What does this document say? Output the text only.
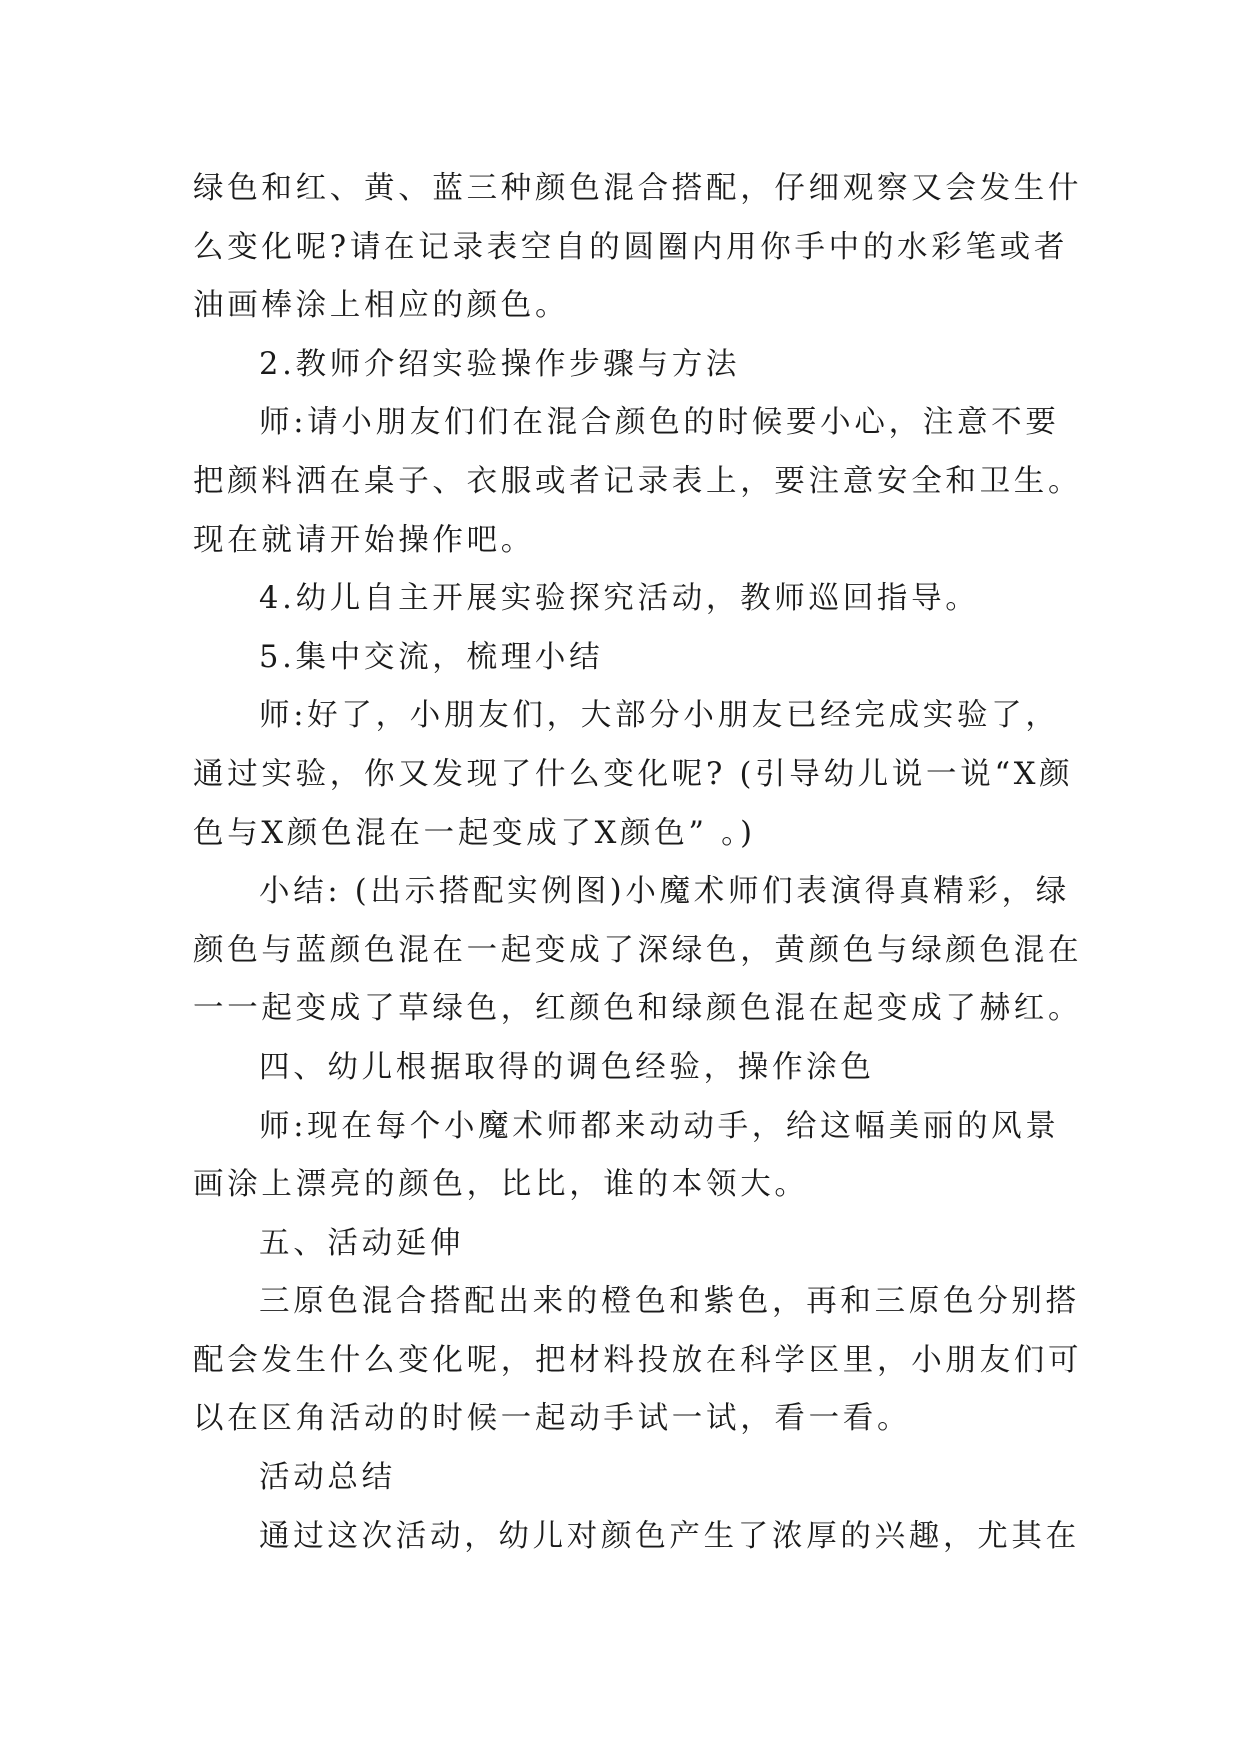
绿色和红、黄、蓝三种颜色混合搭配，仔细观察又会发生什

么变化呢?请在记录表空自的圆圈内用你手中的水彩笔或者

油画棒涂上相应的颜色。

2.教师介绍实验操作步骤与方法

师:请小朋友们们在混合颜色的时候要小心，注意不要

把颜料洒在桌子、衣服或者记录表上，要注意安全和卫生。

现在就请开始操作吧。

4.幼儿自主开展实验探究活动，教师巡回指导。

5.集中交流，梳理小结

师:好了，小朋友们，大部分小朋友已经完成实验了，

通过实验，你又发现了什么变化呢? (引导幼儿说一说“X颜

色与X颜色混在一起变成了X颜色” 。)

小结: (出示搭配实例图)小魔术师们表演得真精彩，绿

颜色与蓝颜色混在一起变成了深绿色，黄颜色与绿颜色混在

一一起变成了草绿色，红颜色和绿颜色混在起变成了赫红。

四、幼儿根据取得的调色经验，操作涂色

师:现在每个小魔术师都来动动手，给这幅美丽的风景

画涂上漂亮的颜色，比比，谁的本领大。

五、活动延伸

三原色混合搭配出来的橙色和紫色，再和三原色分别搭

配会发生什么变化呢，把材料投放在科学区里，小朋友们可

以在区角活动的时候一起动手试一试，看一看。

活动总结

通过这次活动，幼儿对颜色产生了浓厚的兴趣，尤其在
